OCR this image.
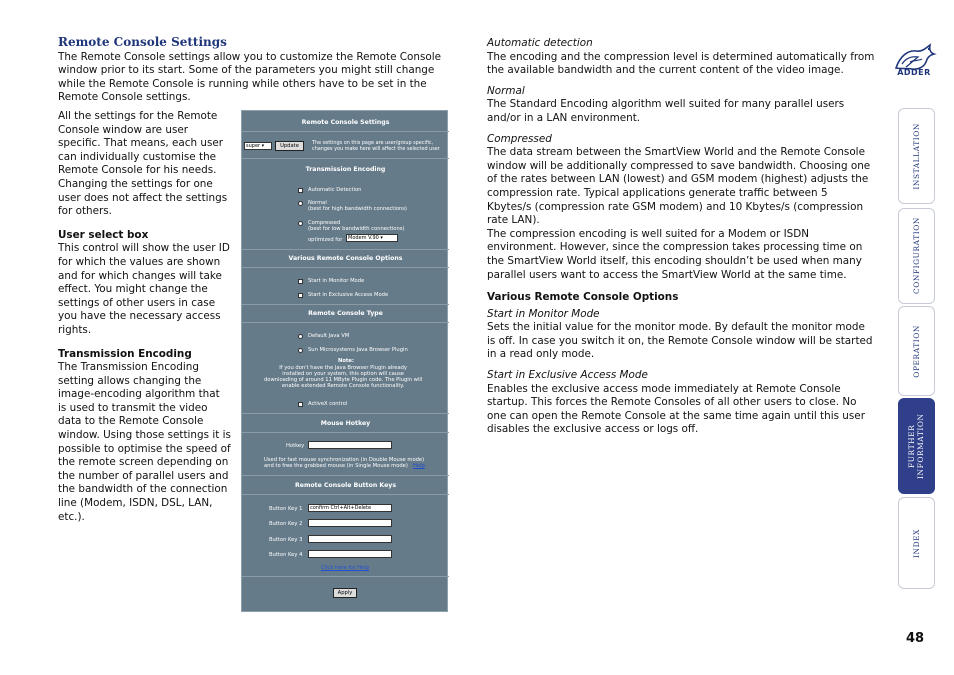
Remote Console Settings
The Remote Console settings allow you to customize the Remote Console window prior to its start. Some of the parameters you might still change while the Remote Console is running while others have to be set in the Remote Console settings.
All the settings for the Remote Console window are user specific. That means, each user can individually customise the Remote Console for his needs. Changing the settings for one user does not affect the settings for others.
User select box
This control will show the user ID for which the values are shown and for which changes will take effect. You might change the settings of other users in case you have the necessary access rights.
Transmission Encoding
The Transmission Encoding setting allows changing the image-encoding algorithm that is used to transmit the video data to the Remote Console window. Using those settings it is possible to optimise the speed of the remote screen depending on the number of parallel users and the bandwidth of the connection line (Modem, ISDN, DSL, LAN, etc.).
Remote Console Settings
super ▾	Update	The settings on this page are user/group specific,
changes you make here will affect the selected user
Transmission Encoding
Automatic Detection
Normal
(best for high bandwidth connections)
Compressed
(best for low bandwidth connections)
optimized for	Modem V.90 ▾
Various Remote Console Options
Start in Monitor Mode
Start in Exclusive Access Mode
Remote Console Type
Default Java VM
Sun Microsystems Java Browser Plugin
Note:
If you don't have the Java Browser Plugin already
installed on your system, this option will cause
downloading of around 11 MByte Plugin code. The Plugin will
enable extended Remote Console functionality.
ActiveX control
Mouse Hotkey
Hotkey
Used for fast mouse synchronization (in Double Mouse mode)
and to free the grabbed mouse (in Single Mouse mode) Help
Remote Console Button Keys
Button Key 1	confirm Ctrl+Alt+Delete
Button Key 2
Button Key 3
Button Key 4
Click here for Help
Apply
Automatic detection
The encoding and the compression level is determined automatically from the available bandwidth and the current content of the video image.
Normal
The Standard Encoding algorithm well suited for many parallel users and/or in a LAN environment.
Compressed
The data stream between the SmartView World and the Remote Console window will be additionally compressed to save bandwidth. Choosing one of the rates between LAN (lowest) and GSM modem (highest) adjusts the compression rate. Typical applications generate traffic between 5 Kbytes/s (compression rate GSM modem) and 10 Kbytes/s (compression rate LAN).
The compression encoding is well suited for a Modem or ISDN environment. However, since the compression takes processing time on the SmartView World itself, this encoding shouldn’t be used when many parallel users want to access the SmartView World at the same time.
Various Remote Console Options
Start in Monitor Mode
Sets the initial value for the monitor mode. By default the monitor mode is off. In case you switch it on, the Remote Console window will be started in a read only mode.
Start in Exclusive Access Mode
Enables the exclusive access mode immediately at Remote Console startup. This forces the Remote Consoles of all other users to close. No one can open the Remote Console at the same time again until this user disables the exclusive access or logs off.
ADDER
INSTALLATION
CONFIGURATION
OPERATION
FURTHER INFORMATION
INDEX
48
